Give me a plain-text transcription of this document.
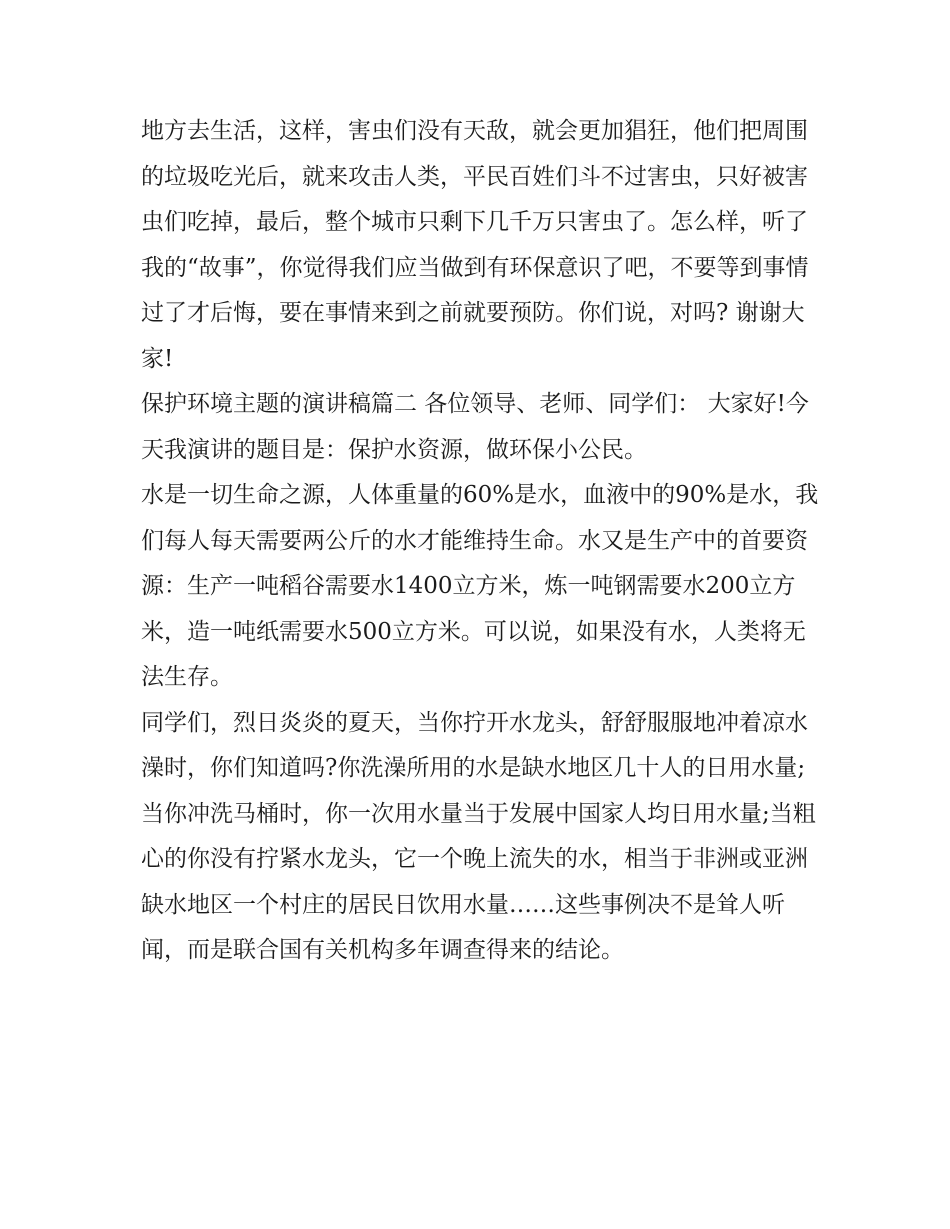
地方去生活，这样，害虫们没有天敌，就会更加猖狂，他们把周围的垃圾吃光后，就来攻击人类，平民百姓们斗不过害虫，只好被害虫们吃掉，最后，整个城市只剩下几千万只害虫了。怎么样，听了我的“故事”，你觉得我们应当做到有环保意识了吧，不要等到事情过了才后悔，要在事情来到之前就要预防。你们说，对吗? 谢谢大家!

保护环境主题的演讲稿篇二 各位领导、老师、同学们： 大家好!今天我演讲的题目是：保护水资源，做环保小公民。

水是一切生命之源，人体重量的60%是水，血液中的90%是水，我们每人每天需要两公斤的水才能维持生命。水又是生产中的首要资源：生产一吨稻谷需要水1400立方米，炼一吨钢需要水200立方米，造一吨纸需要水500立方米。可以说，如果没有水，人类将无法生存。

同学们，烈日炎炎的夏天，当你拧开水龙头，舒舒服服地冲着凉水澡时，你们知道吗?你洗澡所用的水是缺水地区几十人的日用水量;当你冲洗马桶时，你一次用水量当于发展中国家人均日用水量;当粗心的你没有拧紧水龙头，它一个晚上流失的水，相当于非洲或亚洲缺水地区一个村庄的居民日饮用水量……这些事例决不是耸人听闻，而是联合国有关机构多年调查得来的结论。
